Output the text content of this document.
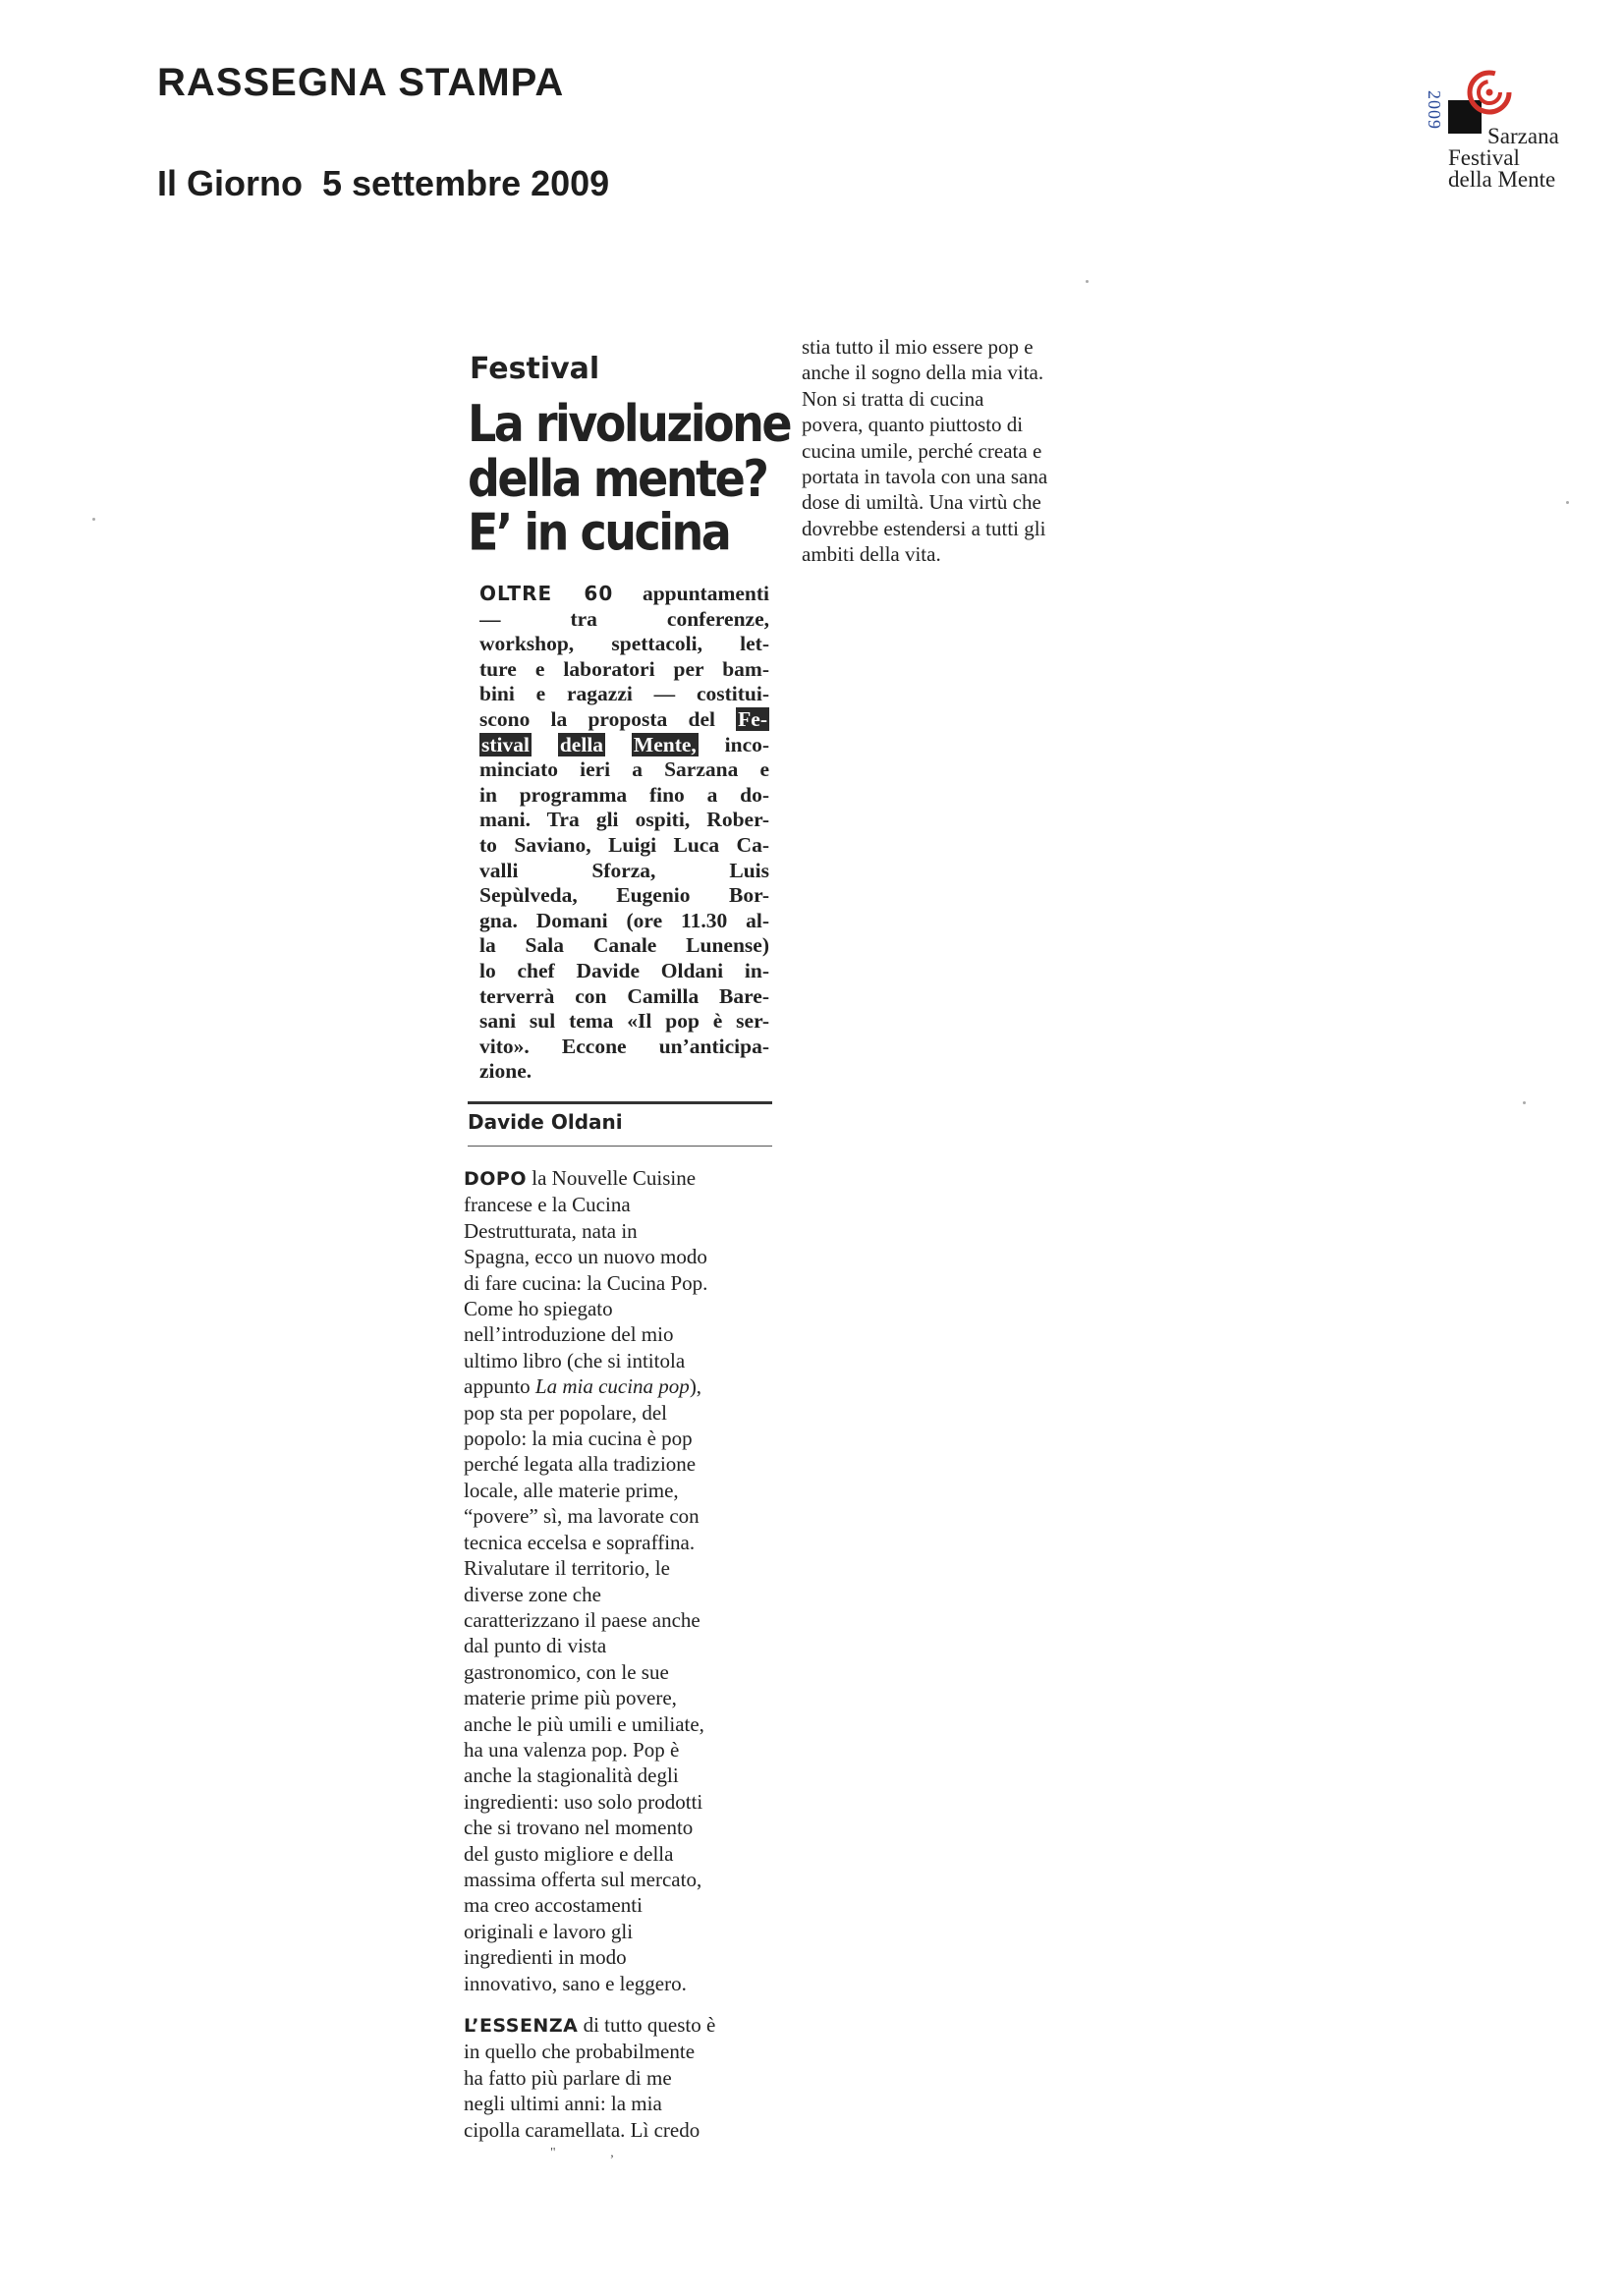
RASSEGNA STAMPA
Il Giorno 5 settembre 2009
2009
Sarzana
Festival
della Mente
Festival
La rivoluzione della mente? E’ in cucina
OLTRE 60 appuntamenti
— tra conferenze,
workshop, spettacoli, let-
ture e laboratori per bam-
bini e ragazzi — costitui-
scono la proposta del Fe-
stival della Mente, inco-
minciato ieri a Sarzana e
in programma fino a do-
mani. Tra gli ospiti, Rober-
to Saviano, Luigi Luca Ca-
valli Sforza, Luis
Sepùlveda, Eugenio Bor-
gna. Domani (ore 11.30 al-
la Sala Canale Lunense)
lo chef Davide Oldani in-
terverrà con Camilla Bare-
sani sul tema «Il pop è ser-
vito». Eccone un’anticipa-
zione.
Davide Oldani
DOPO la Nouvelle Cuisine
francese e la Cucina
Destrutturata, nata in
Spagna, ecco un nuovo modo
di fare cucina: la Cucina Pop.
Come ho spiegato
nell’introduzione del mio
ultimo libro (che si intitola
appunto La mia cucina pop),
pop sta per popolare, del
popolo: la mia cucina è pop
perché legata alla tradizione
locale, alle materie prime,
“povere” sì, ma lavorate con
tecnica eccelsa e sopraffina.
Rivalutare il territorio, le
diverse zone che
caratterizzano il paese anche
dal punto di vista
gastronomico, con le sue
materie prime più povere,
anche le più umili e umiliate,
ha una valenza pop. Pop è
anche la stagionalità degli
ingredienti: uso solo prodotti
che si trovano nel momento
del gusto migliore e della
massima offerta sul mercato,
ma creo accostamenti
originali e lavoro gli
ingredienti in modo
innovativo, sano e leggero.
L’ESSENZA di tutto questo è
in quello che probabilmente
ha fatto più parlare di me
negli ultimi anni: la mia
cipolla caramellata. Lì credo
" ,
stia tutto il mio essere pop e
anche il sogno della mia vita.
Non si tratta di cucina
povera, quanto piuttosto di
cucina umile, perché creata e
portata in tavola con una sana
dose di umiltà. Una virtù che
dovrebbe estendersi a tutti gli
ambiti della vita.
